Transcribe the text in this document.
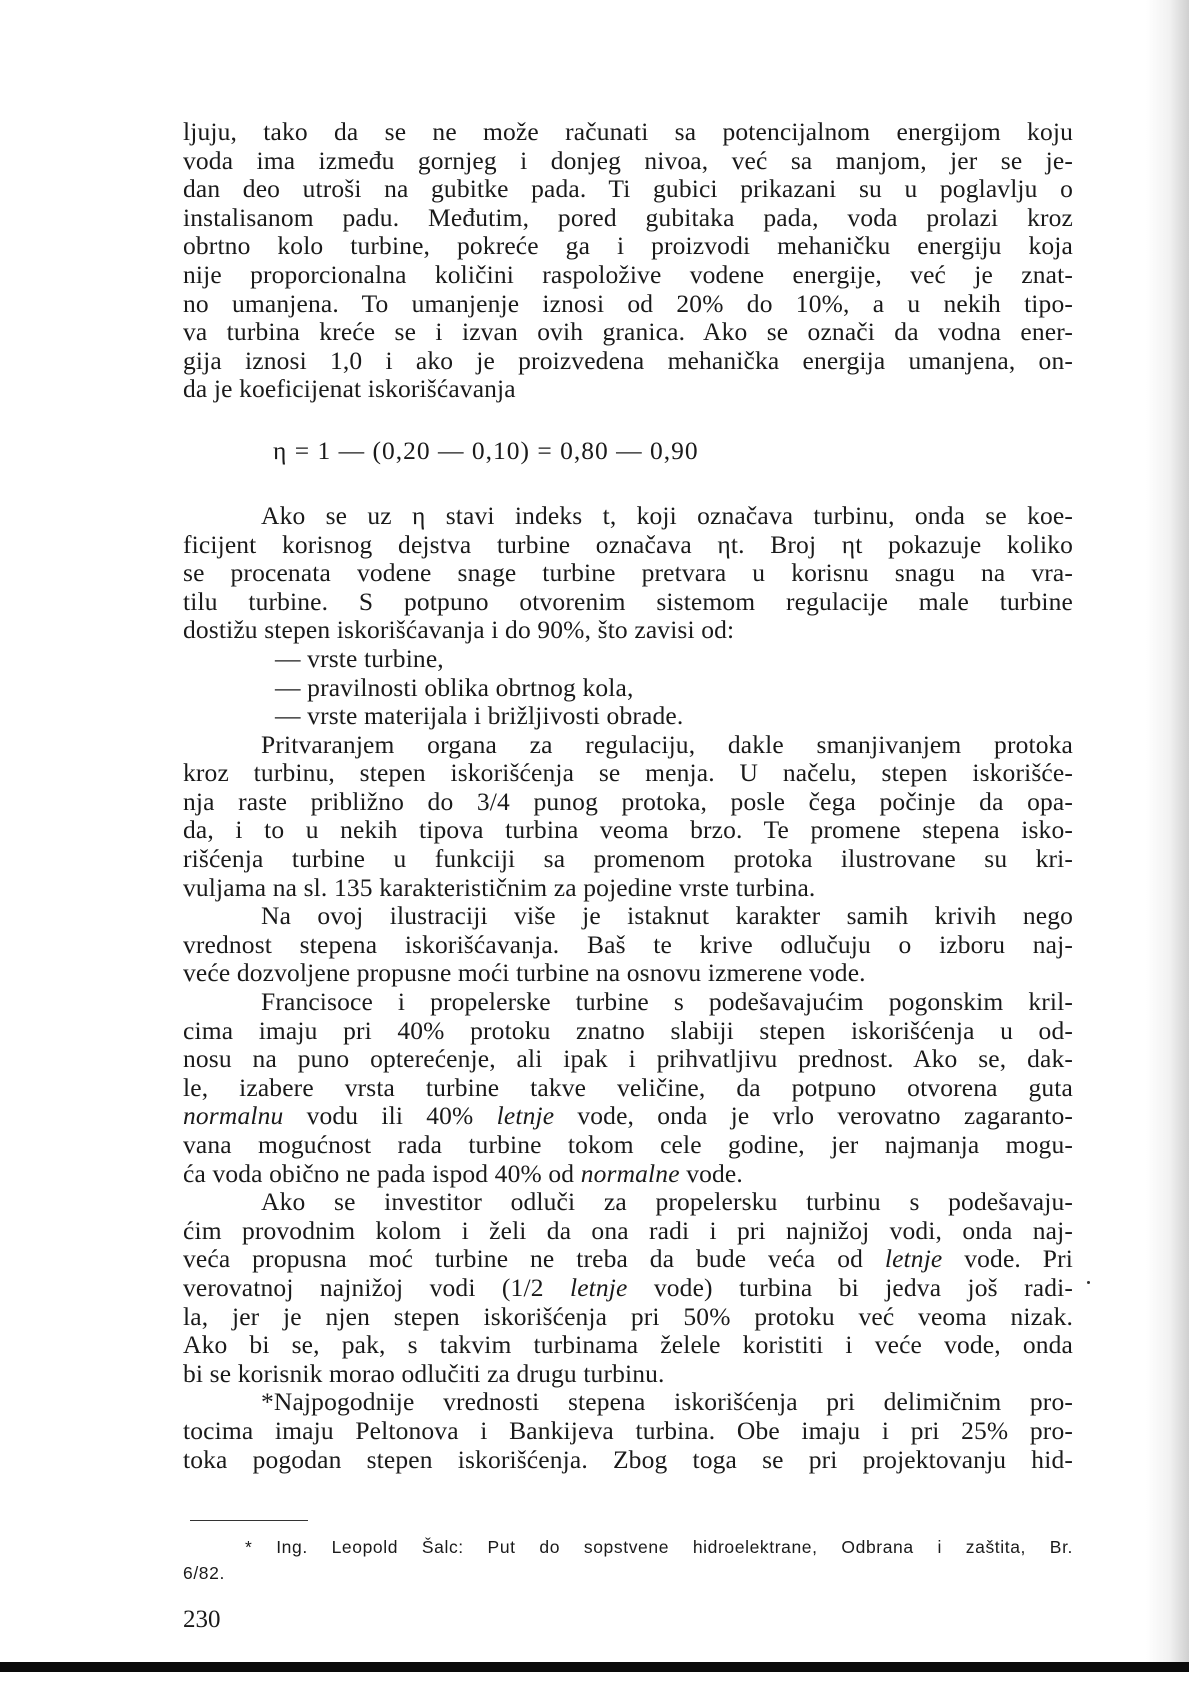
ljuju, tako da se ne može računati sa potencijalnom energijom koju
voda ima između gornjeg i donjeg nivoa, već sa manjom, jer se je-
dan deo utroši na gubitke pada. Ti gubici prikazani su u poglavlju o
instalisanom padu. Međutim, pored gubitaka pada, voda prolazi kroz
obrtno kolo turbine, pokreće ga i proizvodi mehaničku energiju koja
nije proporcionalna količini raspoložive vodene energije, već je znat-
no umanjena. To umanjenje iznosi od 20% do 10%, a u nekih tipo-
va turbina kreće se i izvan ovih granica. Ako se označi da vodna ener-
gija iznosi 1,0 i ako je proizvedena mehanička energija umanjena, on-
da je koeficijenat iskorišćavanja
η = 1 — (0,20 — 0,10) = 0,80 — 0,90
Ako se uz η stavi indeks t, koji označava turbinu, onda se koe-
ficijent korisnog dejstva turbine označava ηt. Broj ηt pokazuje koliko
se procenata vodene snage turbine pretvara u korisnu snagu na vra-
tilu turbine. S potpuno otvorenim sistemom regulacije male turbine
dostižu stepen iskorišćavanja i do 90%, što zavisi od:
— vrste turbine,
— pravilnosti oblika obrtnog kola,
— vrste materijala i brižljivosti obrade.
Pritvaranjem organa za regulaciju, dakle smanjivanjem protoka
kroz turbinu, stepen iskorišćenja se menja. U načelu, stepen iskorišće-
nja raste približno do 3/4 punog protoka, posle čega počinje da opa-
da, i to u nekih tipova turbina veoma brzo. Te promene stepena isko-
rišćenja turbine u funkciji sa promenom protoka ilustrovane su kri-
vuljama na sl. 135 karakterističnim za pojedine vrste turbina.
Na ovoj ilustraciji više je istaknut karakter samih krivih nego
vrednost stepena iskorišćavanja. Baš te krive odlučuju o izboru naj-
veće dozvoljene propusne moći turbine na osnovu izmerene vode.
Francisoce i propelerske turbine s podešavajućim pogonskim kril-
cima imaju pri 40% protoku znatno slabiji stepen iskorišćenja u od-
nosu na puno opterećenje, ali ipak i prihvatljivu prednost. Ako se, dak-
le, izabere vrsta turbine takve veličine, da potpuno otvorena guta
normalnu vodu ili 40% letnje vode, onda je vrlo verovatno zagaranto-
vana mogućnost rada turbine tokom cele godine, jer najmanja mogu-
ća voda obično ne pada ispod 40% od normalne vode.
Ako se investitor odluči za propelersku turbinu s podešavaju-
ćim provodnim kolom i želi da ona radi i pri najnižoj vodi, onda naj-
veća propusna moć turbine ne treba da bude veća od letnje vode. Pri
verovatnoj najnižoj vodi (1/2 letnje vode) turbina bi jedva još radi-
la, jer je njen stepen iskorišćenja pri 50% protoku već veoma nizak.
Ako bi se, pak, s takvim turbinama želele koristiti i veće vode, onda
bi se korisnik morao odlučiti za drugu turbinu.
*Najpogodnije vrednosti stepena iskorišćenja pri delimičnim pro-
tocima imaju Peltonova i Bankijeva turbina. Obe imaju i pri 25% pro-
toka pogodan stepen iskorišćenja. Zbog toga se pri projektovanju hid-
* Ing. Leopold Šalc: Put do sopstvene hidroelektrane, Odbrana i zaštita, Br.
6/82.
230
